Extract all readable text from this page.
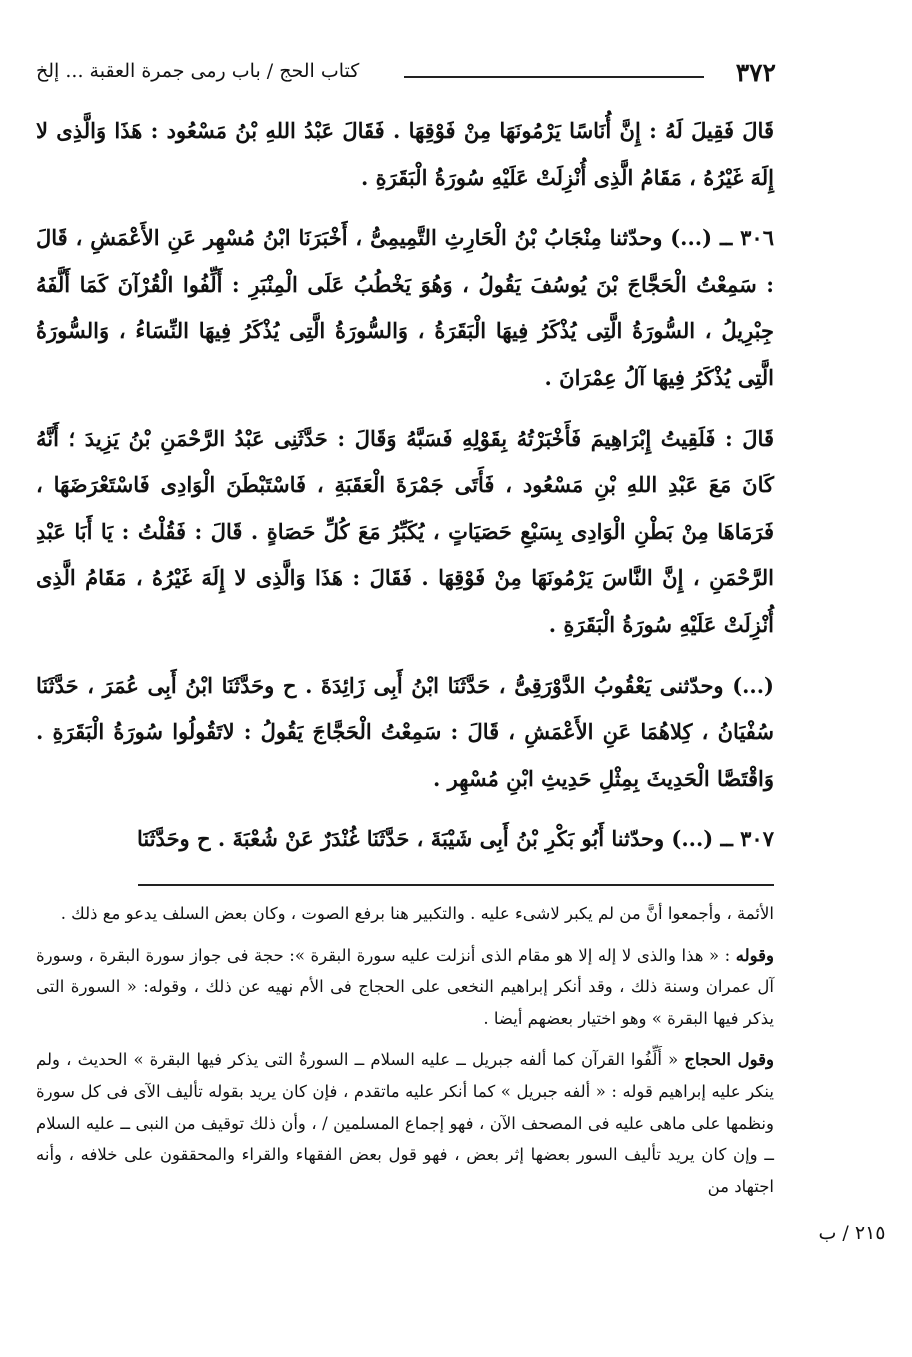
٣٧٢
كتاب الحج / باب رمى جمرة العقبة ... إلخ

قَالَ فَقِيلَ لَهُ : إِنَّ أُنَاسًا يَرْمُونَهَا مِنْ فَوْقِهَا . فَقَالَ عَبْدُ اللهِ بْنُ مَسْعُود : هَذَا وَالَّذِى لا إِلَهَ غَيْرُهُ ، مَقَامُ الَّذِى أُنْزِلَتْ عَلَيْهِ سُورَةُ الْبَقَرَةِ .

٣٠٦ ــ (...) وحدّثنا مِنْجَابُ بْنُ الْحَارِثِ التَّمِيمِىُّ ، أَخْبَرَنَا ابْنُ مُسْهِر عَنِ الأَعْمَشِ ، قَالَ : سَمِعْتُ الْحَجَّاجَ بْنَ يُوسُفَ يَقُولُ ، وَهُوَ يَخْطُبُ عَلَى الْمِنْبَرِ : أَلِّفُوا الْقُرْآنَ كَمَا أَلَّفَهُ جِبْرِيلُ ، السُّورَةُ الَّتِى يُذْكَرُ فِيهَا الْبَقَرَةُ ، وَالسُّورَةُ الَّتِى يُذْكَرُ فِيهَا النِّسَاءُ ، وَالسُّورَةُ الَّتِى يُذْكَرُ فِيهَا آلُ عِمْرَانَ .

قَالَ : فَلَقِيتُ إِبْرَاهِيمَ فَأَخْبَرْتُهُ بِقَوْلِهِ فَسَبَّهُ وَقَالَ : حَدَّثَنِى عَبْدُ الرَّحْمَنِ بْنُ يَزِيدَ ؛ أَنَّهُ كَانَ مَعَ عَبْدِ اللهِ بْنِ مَسْعُود ، فَأَتَى جَمْرَةَ الْعَقَبَةِ ، فَاسْتَبْطَنَ الْوَادِى فَاسْتَعْرَضَهَا ، فَرَمَاهَا مِنْ بَطْنِ الْوَادِى بِسَبْعِ حَصَيَاتٍ ، يُكَبِّرُ مَعَ كُلِّ حَصَاةٍ . قَالَ : فَقُلْتُ : يَا أَبَا عَبْدِ الرَّحْمَنِ ، إِنَّ النَّاسَ يَرْمُونَهَا مِنْ فَوْقِهَا . فَقَالَ : هَذَا وَالَّذِى لا إِلَهَ غَيْرُهُ ، مَقَامُ الَّذِى أُنْزِلَتْ عَلَيْهِ سُورَةُ الْبَقَرَةِ .

(...) وحدّثنى يَعْقُوبُ الدَّوْرَقِىُّ ، حَدَّثَنَا ابْنُ أَبِى زَائِدَةَ . ح وحَدَّثَنَا ابْنُ أَبِى عُمَرَ ، حَدَّثَنَا سُفْيَانُ ، كِلاهُمَا عَنِ الأَعْمَشِ ، قَالَ : سَمِعْتُ الْحَجَّاجَ يَقُولُ : لاتَقُولُوا سُورَةُ الْبَقَرَةِ . وَاقْتَصَّا الْحَدِيثَ بِمِثْلِ حَدِيثِ ابْنِ مُسْهِر .

٣٠٧ ــ (...) وحدّثنا أَبُو بَكْرِ بْنُ أَبِى شَيْبَةَ ، حَدَّثَنَا غُنْدَرٌ عَنْ شُعْبَةَ . ح وحَدَّثَنَا

الأئمة ، وأجمعوا أنَّ من لم يكبر لاشىء عليه . والتكبير هنا برفع الصوت ، وكان بعض السلف يدعو مع ذلك .

وقوله : « هذا والذى لا إله إلا هو مقام الذى أنزلت عليه سورة البقرة »: حجة فى جواز سورة البقرة ، وسورة آل عمران وسنة ذلك ، وقد أنكر إبراهيم النخعى على الحجاج فى الأم نهيه عن ذلك ، وقوله: « السورة التى يذكر فيها البقرة » وهو اختيار بعضهم أيضا .

وقول الحجاج « أَلِّفُوا القرآن كما ألفه جبريل ــ عليه السلام ــ السورةُ التى يذكر فيها البقرة » الحديث ، ولم ينكر عليه إبراهيم قوله : « ألفه جبريل » كما أنكر عليه ماتقدم ، فإن كان يريد بقوله تأليف الآى فى كل سورة ونظمها على ماهى عليه فى المصحف الآن ، فهو إجماع المسلمين / ، وأن ذلك توقيف من النبى ــ عليه السلام ــ وإن كان يريد تأليف السور بعضها إثر بعض ، فهو قول بعض الفقهاء والقراء والمحققون على خلافه ، وأنه اجتهاد من

٢١٥ / ب
